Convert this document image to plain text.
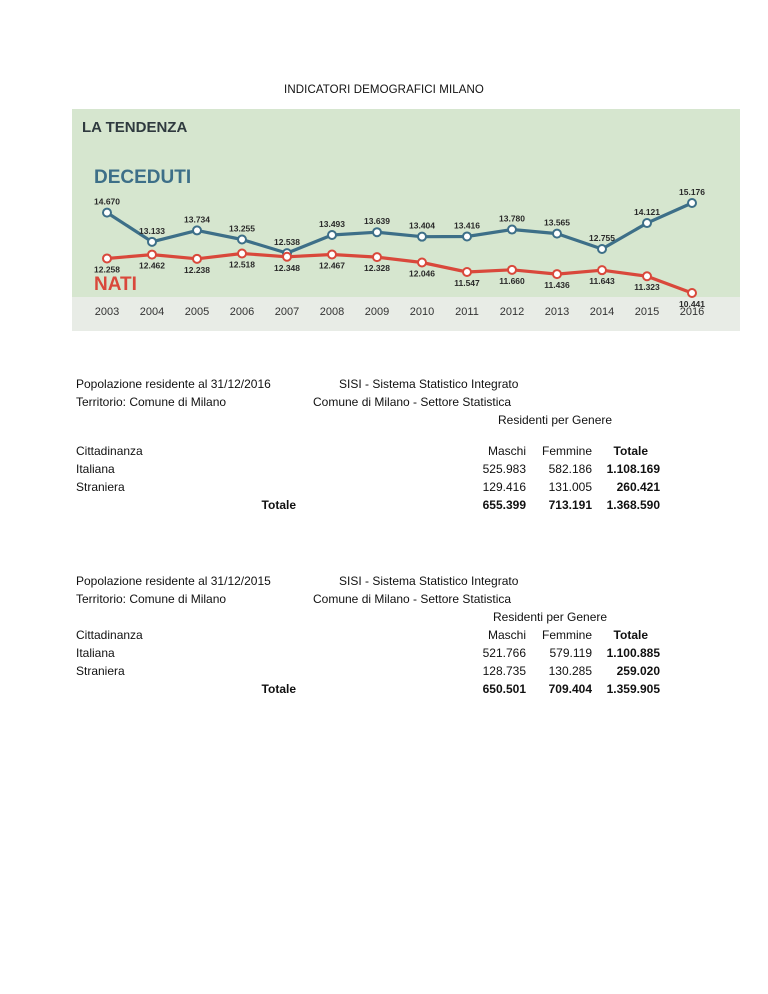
INDICATORI DEMOGRAFICI MILANO
LA TENDENZA
DECEDUTI
NATI
14.670
13.133
13.734
13.255
12.538
13.493 13.639 13.404 13.416
13.780 13.565
12.755
14.121
15.176
12.258 12.462 12.238
12.518 12.348 12.467 12.328
12.046
11.547 11.660 11.436 11.643
11.323
10.441
2003 2004 2005 2006 2007 2008 2009 2010 2011 2012 2013 2014 2015 2016
Popolazione residente al 31/12/2016
Territorio: Comune di Milano
SISI - Sistema Statistico Integrato
Comune di Milano - Settore Statistica
Residenti per Genere
Cittadinanza	Maschi	Femmine	Totale
Italiana	525.983	582.186	1.108.169
Straniera	129.416	131.005	260.421
Totale	655.399	713.191	1.368.590
Popolazione residente al 31/12/2015
Territorio: Comune di Milano
SISI - Sistema Statistico Integrato
Comune di Milano - Settore Statistica
Residenti per Genere
Cittadinanza	Maschi	Femmine	Totale
Italiana	521.766	579.119	1.100.885
Straniera	128.735	130.285	259.020
Totale	650.501	709.404	1.359.905
